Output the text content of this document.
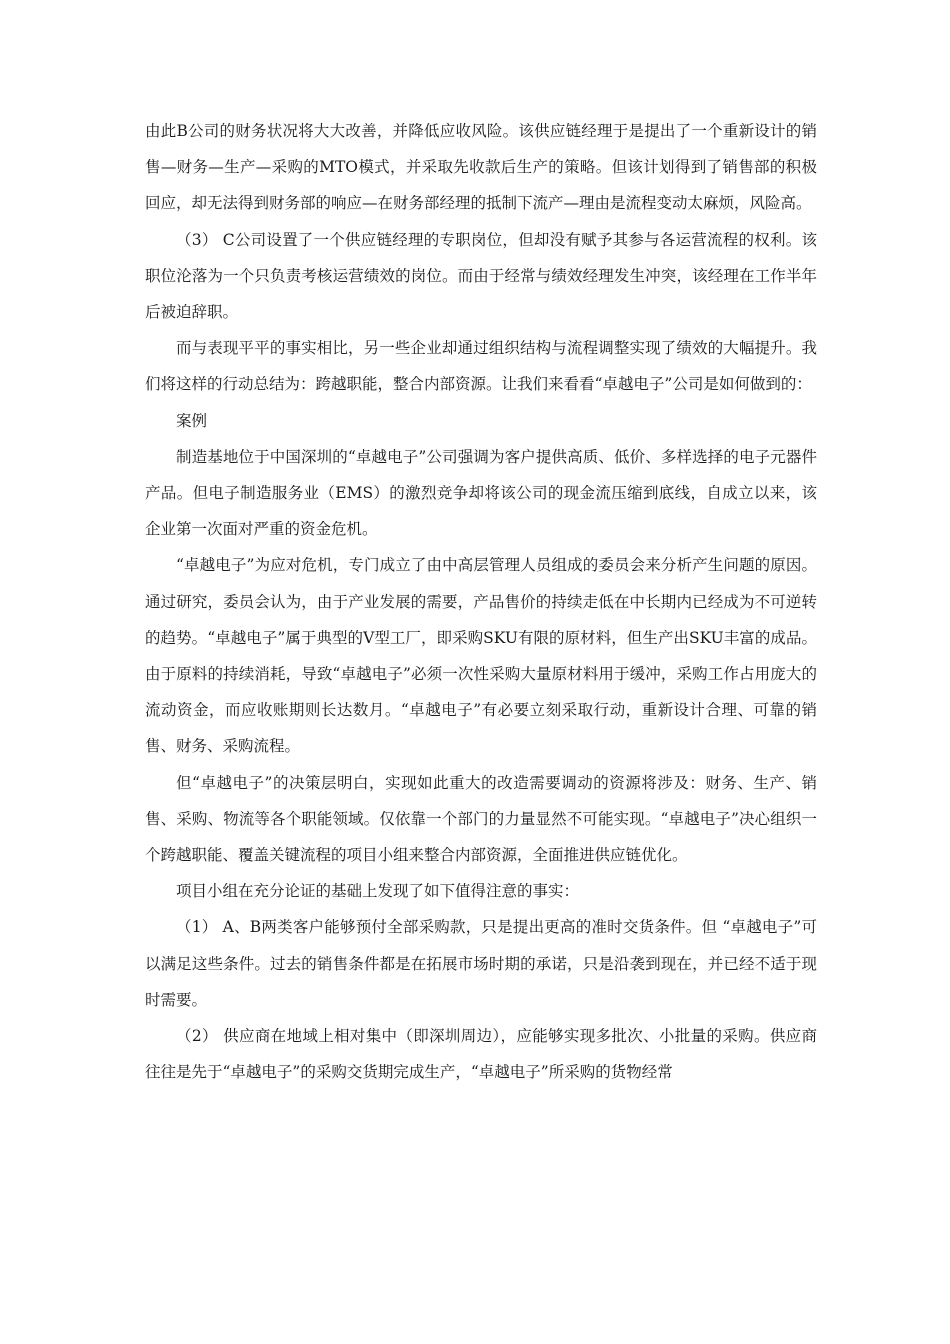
由此B公司的财务状况将大大改善，并降低应收风险。该供应链经理于是提出了一个重新设计的销售—财务—生产—采购的MTO模式，并采取先收款后生产的策略。但该计划得到了销售部的积极回应，却无法得到财务部的响应—在财务部经理的抵制下流产—理由是流程变动太麻烦，风险高。

（3） C公司设置了一个供应链经理的专职岗位，但却没有赋予其参与各运营流程的权利。该职位沦落为一个只负责考核运营绩效的岗位。而由于经常与绩效经理发生冲突，该经理在工作半年后被迫辞职。

而与表现平平的事实相比，另一些企业却通过组织结构与流程调整实现了绩效的大幅提升。我们将这样的行动总结为：跨越职能，整合内部资源。让我们来看看“卓越电子”公司是如何做到的：

案例

制造基地位于中国深圳的“卓越电子”公司强调为客户提供高质、低价、多样选择的电子元器件产品。但电子制造服务业（EMS）的激烈竞争却将该公司的现金流压缩到底线，自成立以来，该企业第一次面对严重的资金危机。

“卓越电子”为应对危机，专门成立了由中高层管理人员组成的委员会来分析产生问题的原因。通过研究，委员会认为，由于产业发展的需要，产品售价的持续走低在中长期内已经成为不可逆转的趋势。“卓越电子”属于典型的V型工厂，即采购SKU有限的原材料，但生产出SKU丰富的成品。由于原料的持续消耗，导致“卓越电子”必须一次性采购大量原材料用于缓冲，采购工作占用庞大的流动资金，而应收账期则长达数月。“卓越电子”有必要立刻采取行动，重新设计合理、可靠的销售、财务、采购流程。

但“卓越电子”的决策层明白，实现如此重大的改造需要调动的资源将涉及：财务、生产、销售、采购、物流等各个职能领域。仅依靠一个部门的力量显然不可能实现。“卓越电子”决心组织一个跨越职能、覆盖关键流程的项目小组来整合内部资源，全面推进供应链优化。

项目小组在充分论证的基础上发现了如下值得注意的事实：

（1） A、B两类客户能够预付全部采购款，只是提出更高的准时交货条件。但 “卓越电子”可以满足这些条件。过去的销售条件都是在拓展市场时期的承诺，只是沿袭到现在，并已经不适于现时需要。

（2） 供应商在地域上相对集中（即深圳周边），应能够实现多批次、小批量的采购。供应商往往是先于“卓越电子”的采购交货期完成生产，“卓越电子”所采购的货物经常
